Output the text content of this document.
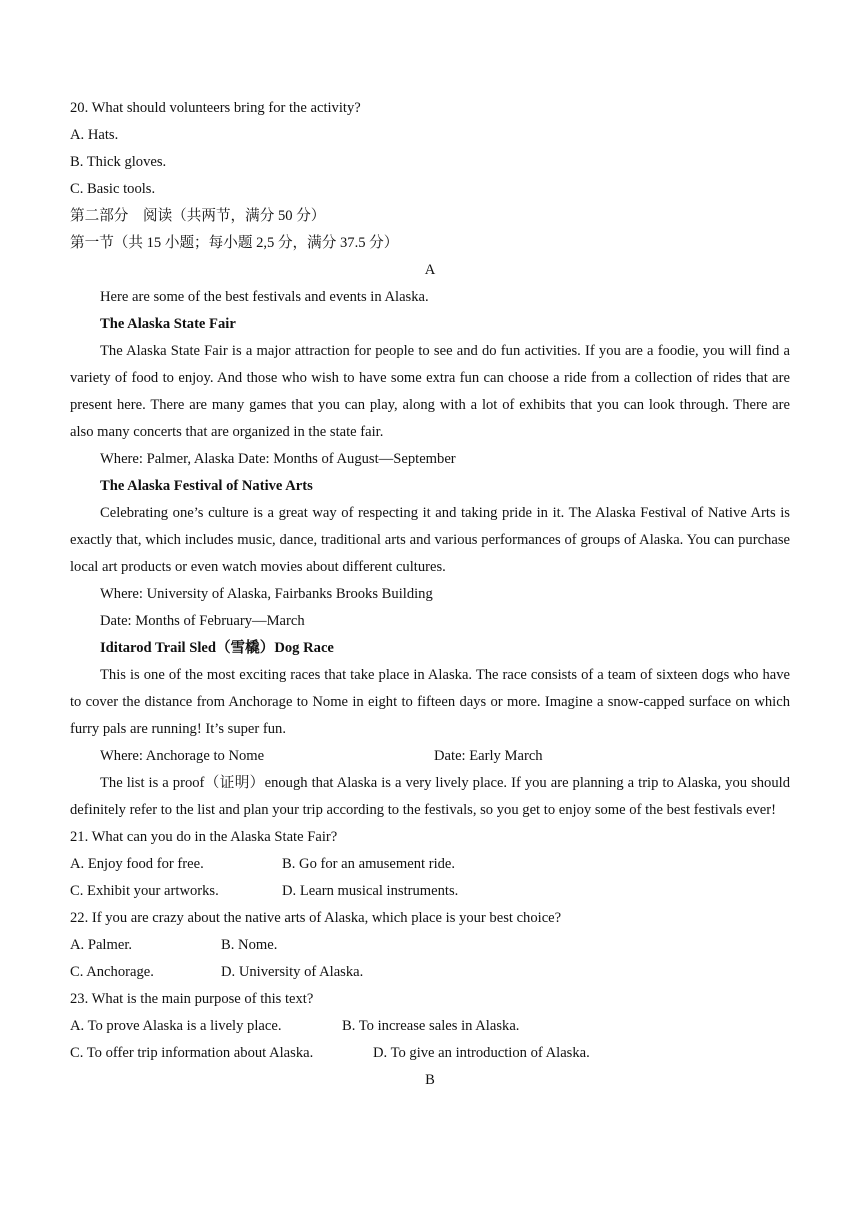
20. What should volunteers bring for the activity?
A. Hats.
B. Thick gloves.
C. Basic tools.
第二部分    阅读（共两节，满分 50 分）
第一节（共 15 小题；每小题 2,5 分，满分 37.5 分）
A
Here are some of the best festivals and events in Alaska.
The Alaska State Fair

The Alaska State Fair is a major attraction for people to see and do fun activities. If you are a foodie, you will find a variety of food to enjoy. And those who wish to have some extra fun can choose a ride from a collection of rides that are present here. There are many games that you can play, along with a lot of exhibits that you can look through. There are also many concerts that are organized in the state fair.

Where: Palmer, Alaska Date: Months of August—September
The Alaska Festival of Native Arts

Celebrating one’s culture is a great way of respecting it and taking pride in it. The Alaska Festival of Native Arts is exactly that, which includes music, dance, traditional arts and various performances of groups of Alaska. You can purchase local art products or even watch movies about different cultures.

Where: University of Alaska, Fairbanks Brooks Building
Date: Months of February—March
Iditarod Trail Sled（雪橇）Dog Race

This is one of the most exciting races that take place in Alaska. The race consists of a team of sixteen dogs who have to cover the distance from Anchorage to Nome in eight to fifteen days or more. Imagine a snow-capped surface on which furry pals are running! It’s super fun.

Where: Anchorage to Nome	Date: Early March

The list is a proof（证明）enough that Alaska is a very lively place. If you are planning a trip to Alaska, you should definitely refer to the list and plan your trip according to the festivals, so you get to enjoy some of the best festivals ever!

21. What can you do in the Alaska State Fair?
A. Enjoy food for free.	B. Go for an amusement ride.
C. Exhibit your artworks.	D. Learn musical instruments.
22. If you are crazy about the native arts of Alaska, which place is your best choice?
A. Palmer.	B. Nome.
C. Anchorage.	D. University of Alaska.
23. What is the main purpose of this text?
A. To prove Alaska is a lively place.	B. To increase sales in Alaska.
C. To offer trip information about Alaska.	D. To give an introduction of Alaska.
B
